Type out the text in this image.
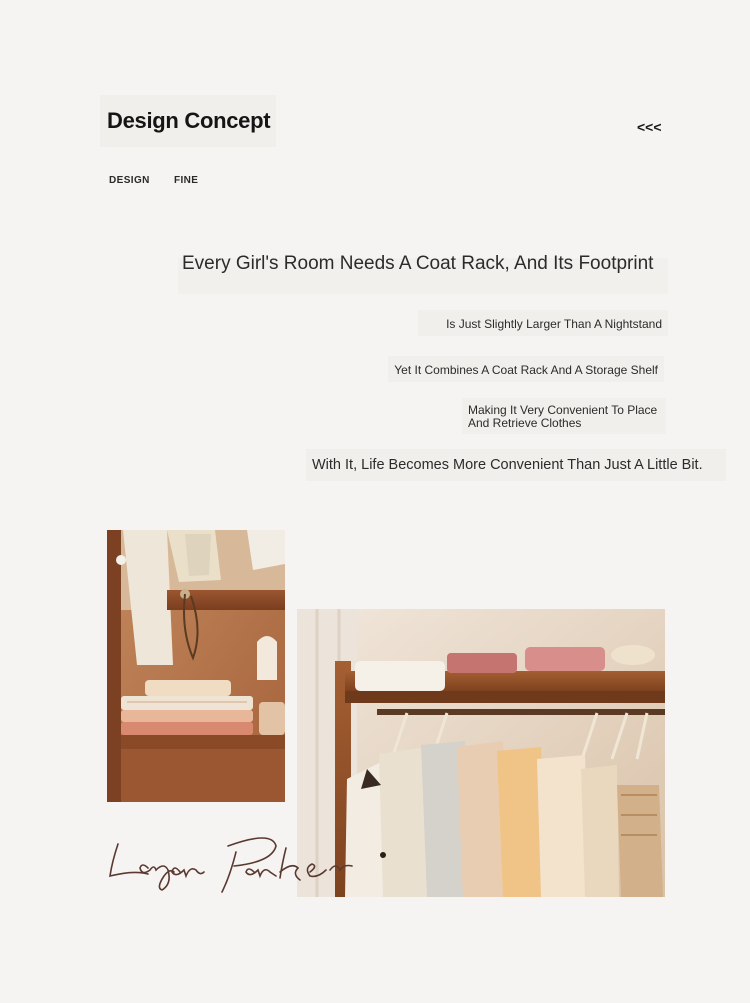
Design Concept	<<<
DESIGN FINE
Every Girl's Room Needs A Coat Rack, And Its Footprint
Is Just Slightly Larger Than A Nightstand
Yet It Combines A Coat Rack And A Storage Shelf
Making It Very Convenient To Place And Retrieve Clothes
With It, Life Becomes More Convenient Than Just A Little Bit.
